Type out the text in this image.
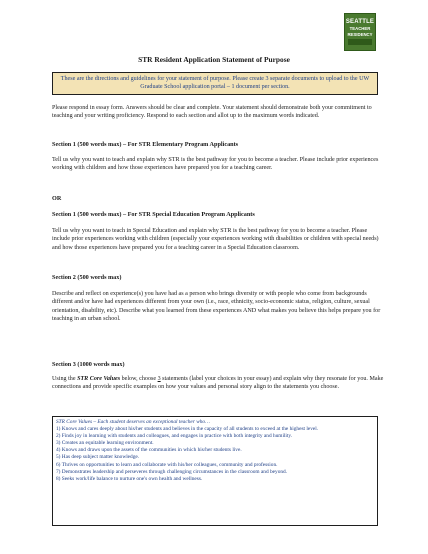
SEATTLE
TEACHER
RESIDENCY
STR Resident Application Statement of Purpose
These are the directions and guidelines for your statement of purpose. Please create 3 separate documents to upload to the UW Graduate School application portal – 1 document per section.
Please respond in essay form. Answers should be clear and complete. Your statement should demonstrate both your commitment to teaching and your writing proficiency. Respond to each section and allot up to the maximum words indicated.
Section 1 (500 words max) – For STR Elementary Program Applicants
Tell us why you want to teach and explain why STR is the best pathway for you to become a teacher. Please include prior experiences working with children and how those experiences have prepared you for a teaching career.
OR
Section 1 (500 words max) – For STR Special Education Program Applicants
Tell us why you want to teach in Special Education and explain why STR is the best pathway for you to become a teacher. Please include prior experiences working with children (especially your experiences working with disabilities or children with special needs) and how those experiences have prepared you for a teaching career in a Special Education classroom.
Section 2 (500 words max)
Describe and reflect on experience(s) you have had as a person who brings diversity or with people who come from backgrounds different and/or have had experiences different from your own (i.e., race, ethnicity, socio-economic status, religion, culture, sexual orientation, disability, etc). Describe what you learned from these experiences AND what makes you believe this helps prepare you for teaching in an urban school.
Section 3 (1000 words max)
Using the STR Core Values below, choose 3 statements (label your choices in your essay) and explain why they resonate for you. Make connections and provide specific examples on how your values and personal story align to the statements you choose.
STR Core Values – Each student deserves an exceptional teacher who…

1) Knows and cares deeply about his/her students and believes in the capacity of all students to exceed at the highest level.

2) Finds joy in learning with students and colleagues, and engages in practice with both integrity and humility.

3) Creates an equitable learning environment.

4) Knows and draws upon the assets of the communities in which his/her students live.

5) Has deep subject matter knowledge.

6) Thrives on opportunities to learn and collaborate with his/her colleagues, community and profession.

7) Demonstrates leadership and perseveres through challenging circumstances in the classroom and beyond.

8) Seeks work/life balance to nurture one's own health and wellness.
